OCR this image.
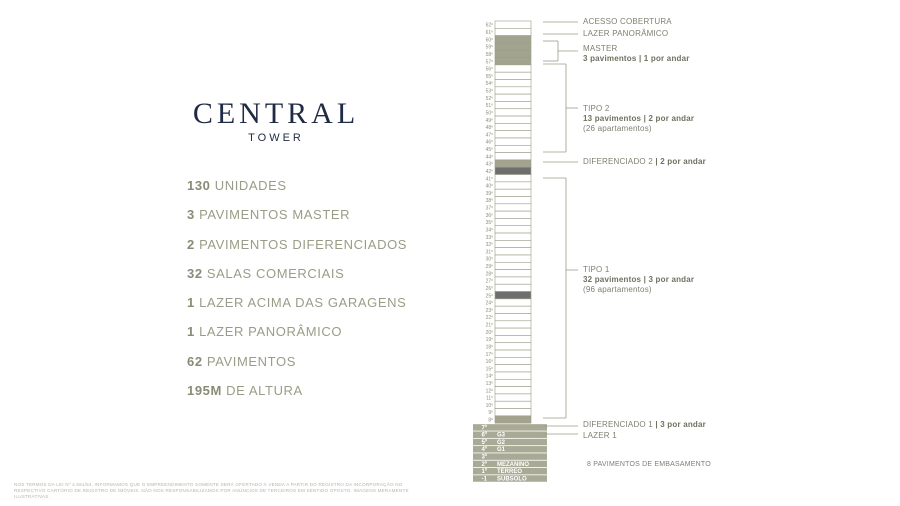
CENTRAL
TOWER
130 UNIDADES
3 PAVIMENTOS MASTER
2 PAVIMENTOS DIFERENCIADOS
32 SALAS COMERCIAIS
1 LAZER ACIMA DAS GARAGENS
1 LAZER PANORÂMICO
62 PAVIMENTOS
195M DE ALTURA
62º
61º
60º
59º
58º
57º
56º
55º
54º
53º
52º
51º
50º
49º
48º
47º
46º
45º
44º
43º
42º
41º
40º
39º
38º
37º
36º
35º
34º
33º
32º
31º
30º
29º
28º
27º
26º
25º
24º
23º
22º
21º
20º
19º
18º
17º
16º
15º
14º
13º
12º
11º
10º
9º
8º
7º
6º G3
5º G2
4º G1
3º
2º MEZANINO
1º TÉRREO
-1 SUBSOLO
ACESSO COBERTURA
LAZER PANORÂMICO
MASTER
3 pavimentos | 1 por andar
TIPO 2
13 pavimentos | 2 por andar
(26 apartamentos)
DIFERENCIADO 2 | 2 por andar
TIPO 1
32 pavimentos | 3 por andar
(96 apartamentos)
DIFERENCIADO 1 | 3 por andar
LAZER 1
8 PAVIMENTOS DE EMBASAMENTO
NOS TERMOS DA LEI Nº 4.591/64, INFORMAMOS QUE O EMPREENDIMENTO SOMENTE SERÁ OFERTADO À VENDA A PARTIR DO REGISTRO DA INCORPORAÇÃO NO RESPECTIVO CARTÓRIO DE REGISTRO DE IMÓVEIS. NÃO NOS RESPONSABILIZAMOS POR ANÚNCIOS DE TERCEIROS EM SENTIDO OPOSTO. IMAGENS MERAMENTE ILUSTRATIVAS.
